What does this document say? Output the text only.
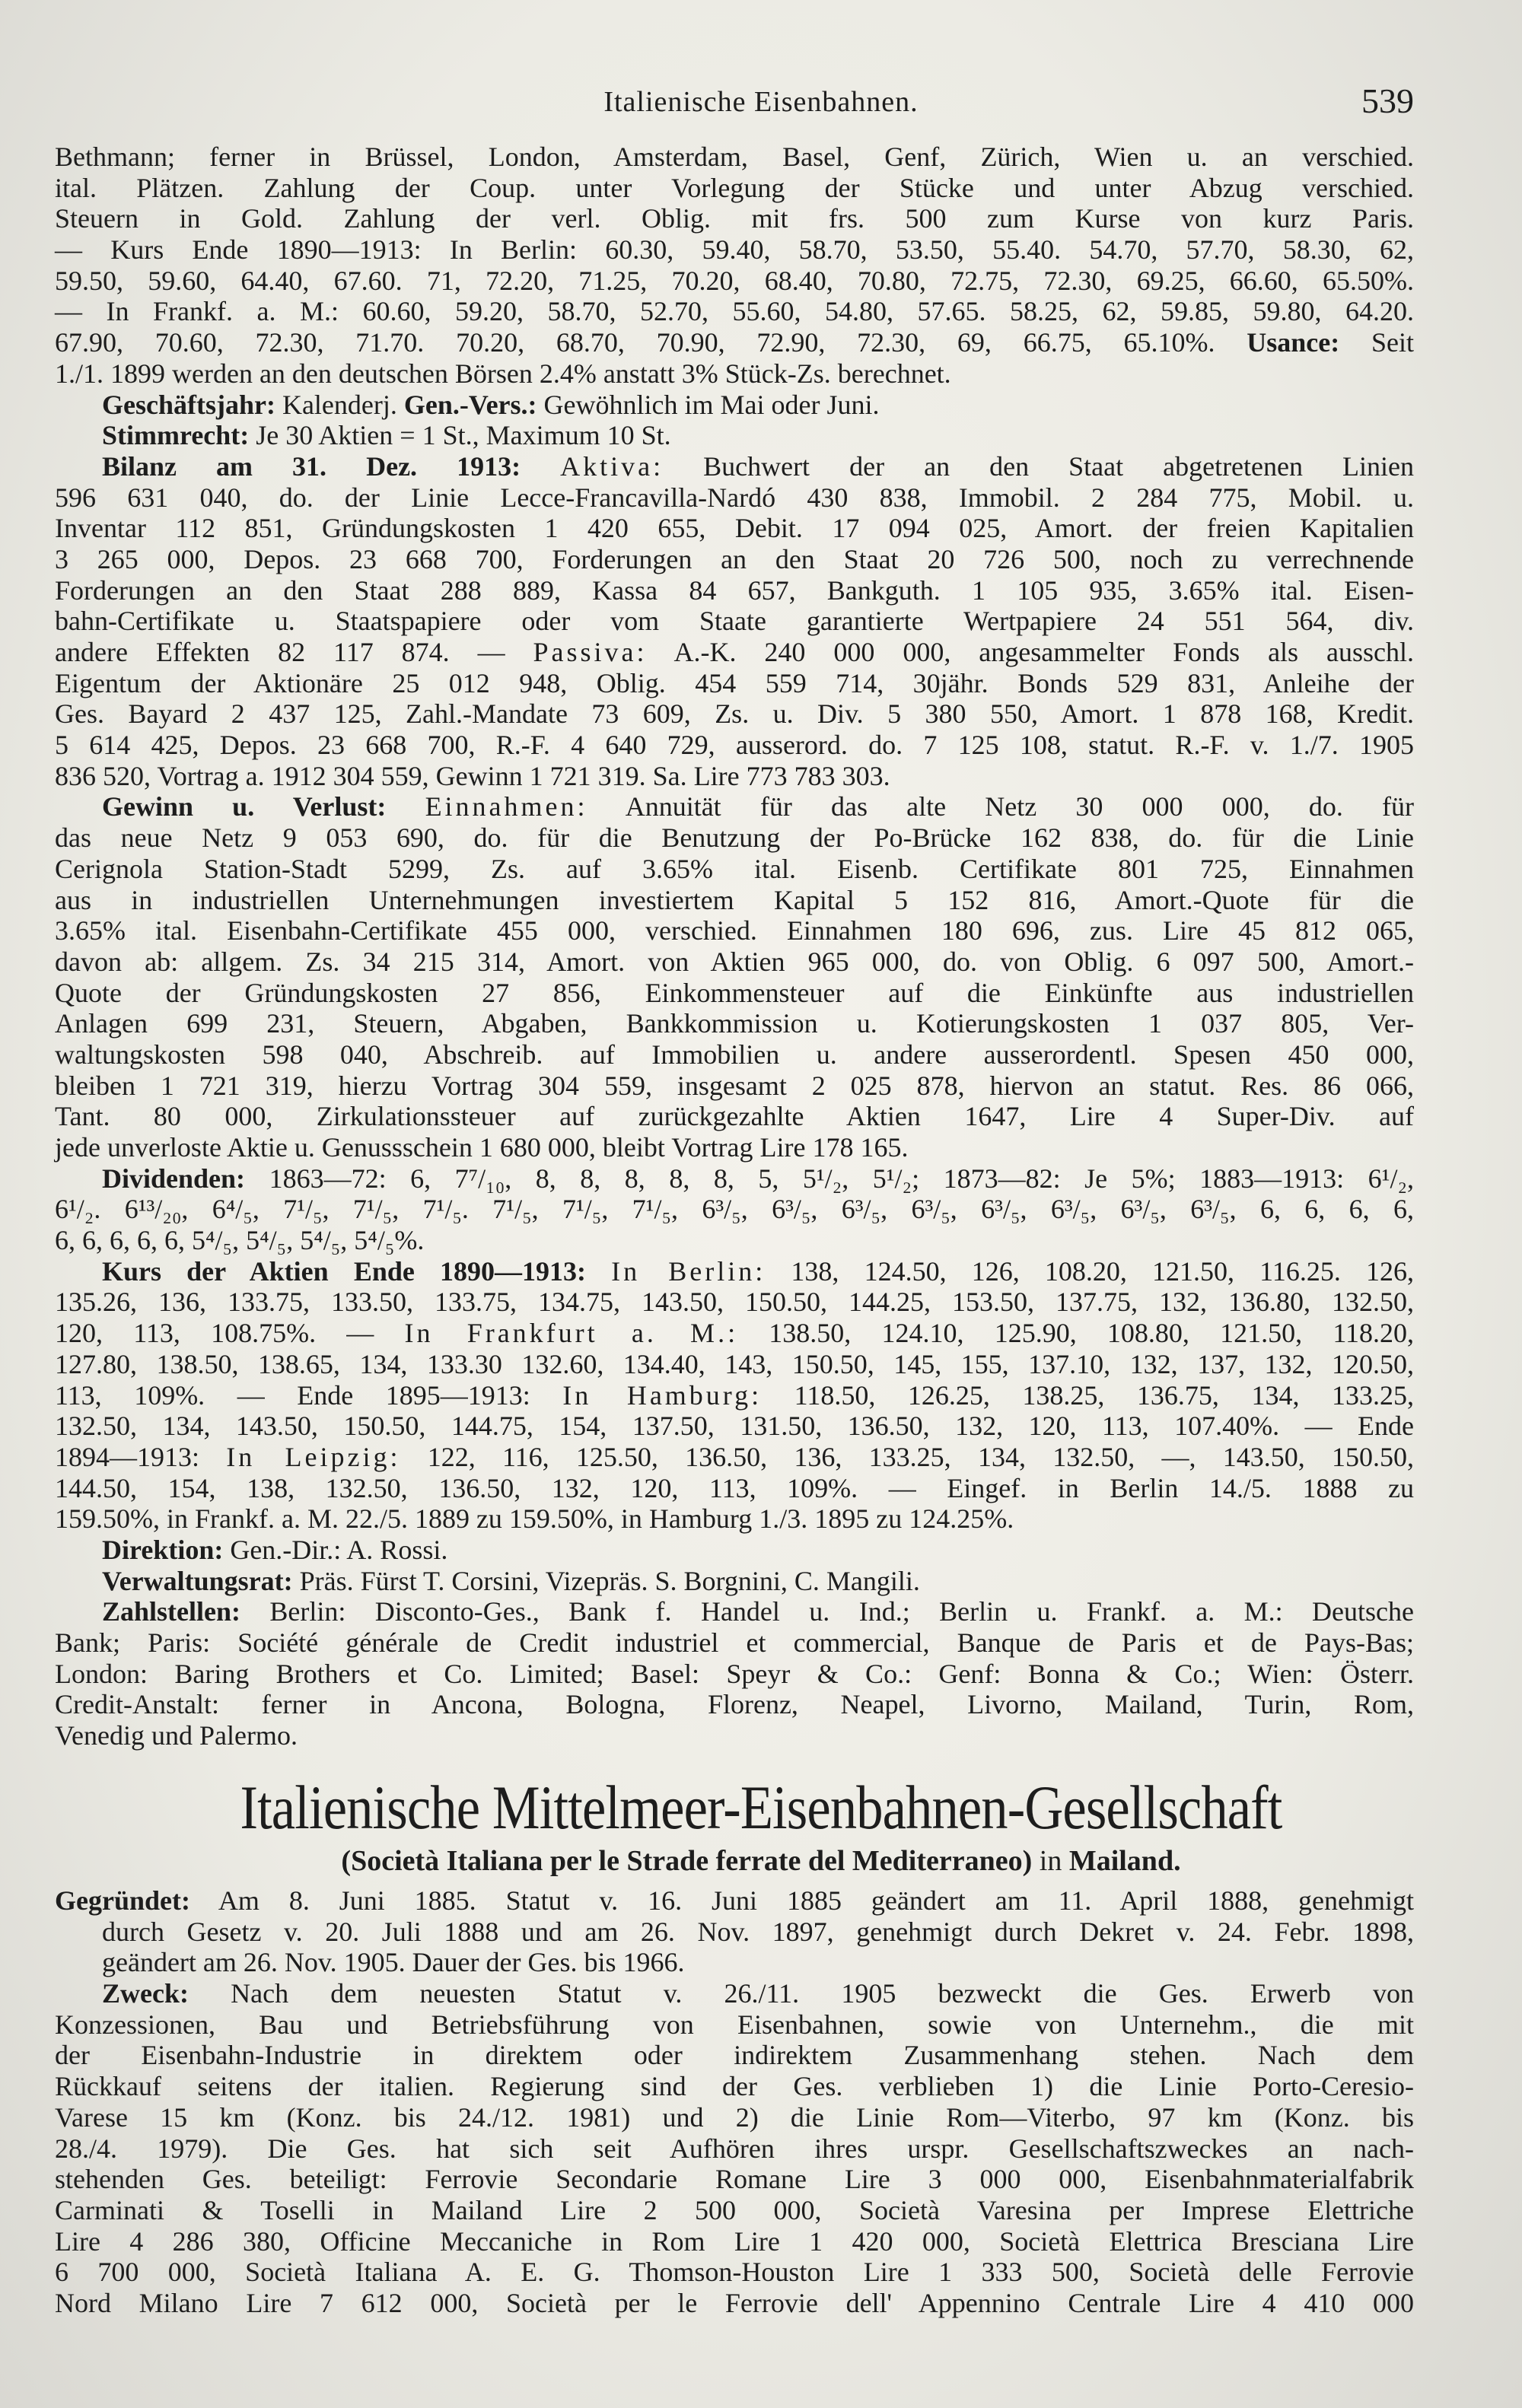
Italienische Eisenbahnen.	539
Bethmann; ferner in Brüssel, London, Amsterdam, Basel, Genf, Zürich, Wien u. an verschied.
ital. Plätzen. Zahlung der Coup. unter Vorlegung der Stücke und unter Abzug verschied.
Steuern in Gold. Zahlung der verl. Oblig. mit frs. 500 zum Kurse von kurz Paris.
— Kurs Ende 1890—1913: In Berlin: 60.30, 59.40, 58.70, 53.50, 55.40. 54.70, 57.70, 58.30, 62,
59.50, 59.60, 64.40, 67.60. 71, 72.20, 71.25, 70.20, 68.40, 70.80, 72.75, 72.30, 69.25, 66.60, 65.50%.
— In Frankf. a. M.: 60.60, 59.20, 58.70, 52.70, 55.60, 54.80, 57.65. 58.25, 62, 59.85, 59.80, 64.20.
67.90, 70.60, 72.30, 71.70. 70.20, 68.70, 70.90, 72.90, 72.30, 69, 66.75, 65.10%. Usance: Seit
1./1. 1899 werden an den deutschen Börsen 2.4% anstatt 3% Stück-Zs. berechnet.
Geschäftsjahr: Kalenderj. Gen.-Vers.: Gewöhnlich im Mai oder Juni.
Stimmrecht: Je 30 Aktien = 1 St., Maximum 10 St.
Bilanz am 31. Dez. 1913: Aktiva: Buchwert der an den Staat abgetretenen Linien
596 631 040, do. der Linie Lecce-Francavilla-Nardó 430 838, Immobil. 2 284 775, Mobil. u.
Inventar 112 851, Gründungskosten 1 420 655, Debit. 17 094 025, Amort. der freien Kapitalien
3 265 000, Depos. 23 668 700, Forderungen an den Staat 20 726 500, noch zu verrechnende
Forderungen an den Staat 288 889, Kassa 84 657, Bankguth. 1 105 935, 3.65% ital. Eisen-
bahn-Certifikate u. Staatspapiere oder vom Staate garantierte Wertpapiere 24 551 564, div.
andere Effekten 82 117 874. — Passiva: A.-K. 240 000 000, angesammelter Fonds als ausschl.
Eigentum der Aktionäre 25 012 948, Oblig. 454 559 714, 30jähr. Bonds 529 831, Anleihe der
Ges. Bayard 2 437 125, Zahl.-Mandate 73 609, Zs. u. Div. 5 380 550, Amort. 1 878 168, Kredit.
5 614 425, Depos. 23 668 700, R.-F. 4 640 729, ausserord. do. 7 125 108, statut. R.-F. v. 1./7. 1905
836 520, Vortrag a. 1912 304 559, Gewinn 1 721 319. Sa. Lire 773 783 303.
Gewinn u. Verlust: Einnahmen: Annuität für das alte Netz 30 000 000, do. für
das neue Netz 9 053 690, do. für die Benutzung der Po-Brücke 162 838, do. für die Linie
Cerignola Station-Stadt 5299, Zs. auf 3.65% ital. Eisenb. Certifikate 801 725, Einnahmen
aus in industriellen Unternehmungen investiertem Kapital 5 152 816, Amort.-Quote für die
3.65% ital. Eisenbahn-Certifikate 455 000, verschied. Einnahmen 180 696, zus. Lire 45 812 065,
davon ab: allgem. Zs. 34 215 314, Amort. von Aktien 965 000, do. von Oblig. 6 097 500, Amort.-
Quote der Gründungskosten 27 856, Einkommensteuer auf die Einkünfte aus industriellen
Anlagen 699 231, Steuern, Abgaben, Bankkommission u. Kotierungskosten 1 037 805, Ver-
waltungskosten 598 040, Abschreib. auf Immobilien u. andere ausserordentl. Spesen 450 000,
bleiben 1 721 319, hierzu Vortrag 304 559, insgesamt 2 025 878, hiervon an statut. Res. 86 066,
Tant. 80 000, Zirkulationssteuer auf zurückgezahlte Aktien 1647, Lire 4 Super-Div. auf
jede unverloste Aktie u. Genussschein 1 680 000, bleibt Vortrag Lire 178 165.
Dividenden: 1863—72: 6, 7⁷/₁₀, 8, 8, 8, 8, 8, 5, 5¹/₂, 5¹/₂; 1873—82: Je 5%; 1883—1913: 6¹/₂,
6¹/₂. 6¹³/₂₀, 6⁴/₅, 7¹/₅, 7¹/₅, 7¹/₅. 7¹/₅, 7¹/₅, 7¹/₅, 6³/₅, 6³/₅, 6³/₅, 6³/₅, 6³/₅, 6³/₅, 6³/₅, 6³/₅, 6, 6, 6, 6,
6, 6, 6, 6, 6, 5⁴/₅, 5⁴/₅, 5⁴/₅, 5⁴/₅%.
Kurs der Aktien Ende 1890—1913: In Berlin: 138, 124.50, 126, 108.20, 121.50, 116.25. 126,
135.26, 136, 133.75, 133.50, 133.75, 134.75, 143.50, 150.50, 144.25, 153.50, 137.75, 132, 136.80, 132.50,
120, 113, 108.75%. — In Frankfurt a. M.: 138.50, 124.10, 125.90, 108.80, 121.50, 118.20,
127.80, 138.50, 138.65, 134, 133.30 132.60, 134.40, 143, 150.50, 145, 155, 137.10, 132, 137, 132, 120.50,
113, 109%. — Ende 1895—1913: In Hamburg: 118.50, 126.25, 138.25, 136.75, 134, 133.25,
132.50, 134, 143.50, 150.50, 144.75, 154, 137.50, 131.50, 136.50, 132, 120, 113, 107.40%. — Ende
1894—1913: In Leipzig: 122, 116, 125.50, 136.50, 136, 133.25, 134, 132.50, —, 143.50, 150.50,
144.50, 154, 138, 132.50, 136.50, 132, 120, 113, 109%. — Eingef. in Berlin 14./5. 1888 zu
159.50%, in Frankf. a. M. 22./5. 1889 zu 159.50%, in Hamburg 1./3. 1895 zu 124.25%.
Direktion: Gen.-Dir.: A. Rossi.
Verwaltungsrat: Präs. Fürst T. Corsini, Vizepräs. S. Borgnini, C. Mangili.
Zahlstellen: Berlin: Disconto-Ges., Bank f. Handel u. Ind.; Berlin u. Frankf. a. M.: Deutsche
Bank; Paris: Société générale de Credit industriel et commercial, Banque de Paris et de Pays-Bas;
London: Baring Brothers et Co. Limited; Basel: Speyr & Co.: Genf: Bonna & Co.; Wien: Österr.
Credit-Anstalt: ferner in Ancona, Bologna, Florenz, Neapel, Livorno, Mailand, Turin, Rom,
Venedig und Palermo.
Italienische Mittelmeer-Eisenbahnen-Gesellschaft
(Società Italiana per le Strade ferrate del Mediterraneo) in Mailand.
Gegründet: Am 8. Juni 1885. Statut v. 16. Juni 1885 geändert am 11. April 1888, genehmigt
durch Gesetz v. 20. Juli 1888 und am 26. Nov. 1897, genehmigt durch Dekret v. 24. Febr. 1898,
geändert am 26. Nov. 1905. Dauer der Ges. bis 1966.
Zweck: Nach dem neuesten Statut v. 26./11. 1905 bezweckt die Ges. Erwerb von
Konzessionen, Bau und Betriebsführung von Eisenbahnen, sowie von Unternehm., die mit
der Eisenbahn-Industrie in direktem oder indirektem Zusammenhang stehen. Nach dem
Rückkauf seitens der italien. Regierung sind der Ges. verblieben 1) die Linie Porto-Ceresio-
Varese 15 km (Konz. bis 24./12. 1981) und 2) die Linie Rom—Viterbo, 97 km (Konz. bis
28./4. 1979). Die Ges. hat sich seit Aufhören ihres urspr. Gesellschaftszweckes an nach-
stehenden Ges. beteiligt: Ferrovie Secondarie Romane Lire 3 000 000, Eisenbahnmaterialfabrik
Carminati & Toselli in Mailand Lire 2 500 000, Società Varesina per Imprese Elettriche
Lire 4 286 380, Officine Meccaniche in Rom Lire 1 420 000, Società Elettrica Bresciana Lire
6 700 000, Società Italiana A. E. G. Thomson-Houston Lire 1 333 500, Società delle Ferrovie
Nord Milano Lire 7 612 000, Società per le Ferrovie dell' Appennino Centrale Lire 4 410 000
